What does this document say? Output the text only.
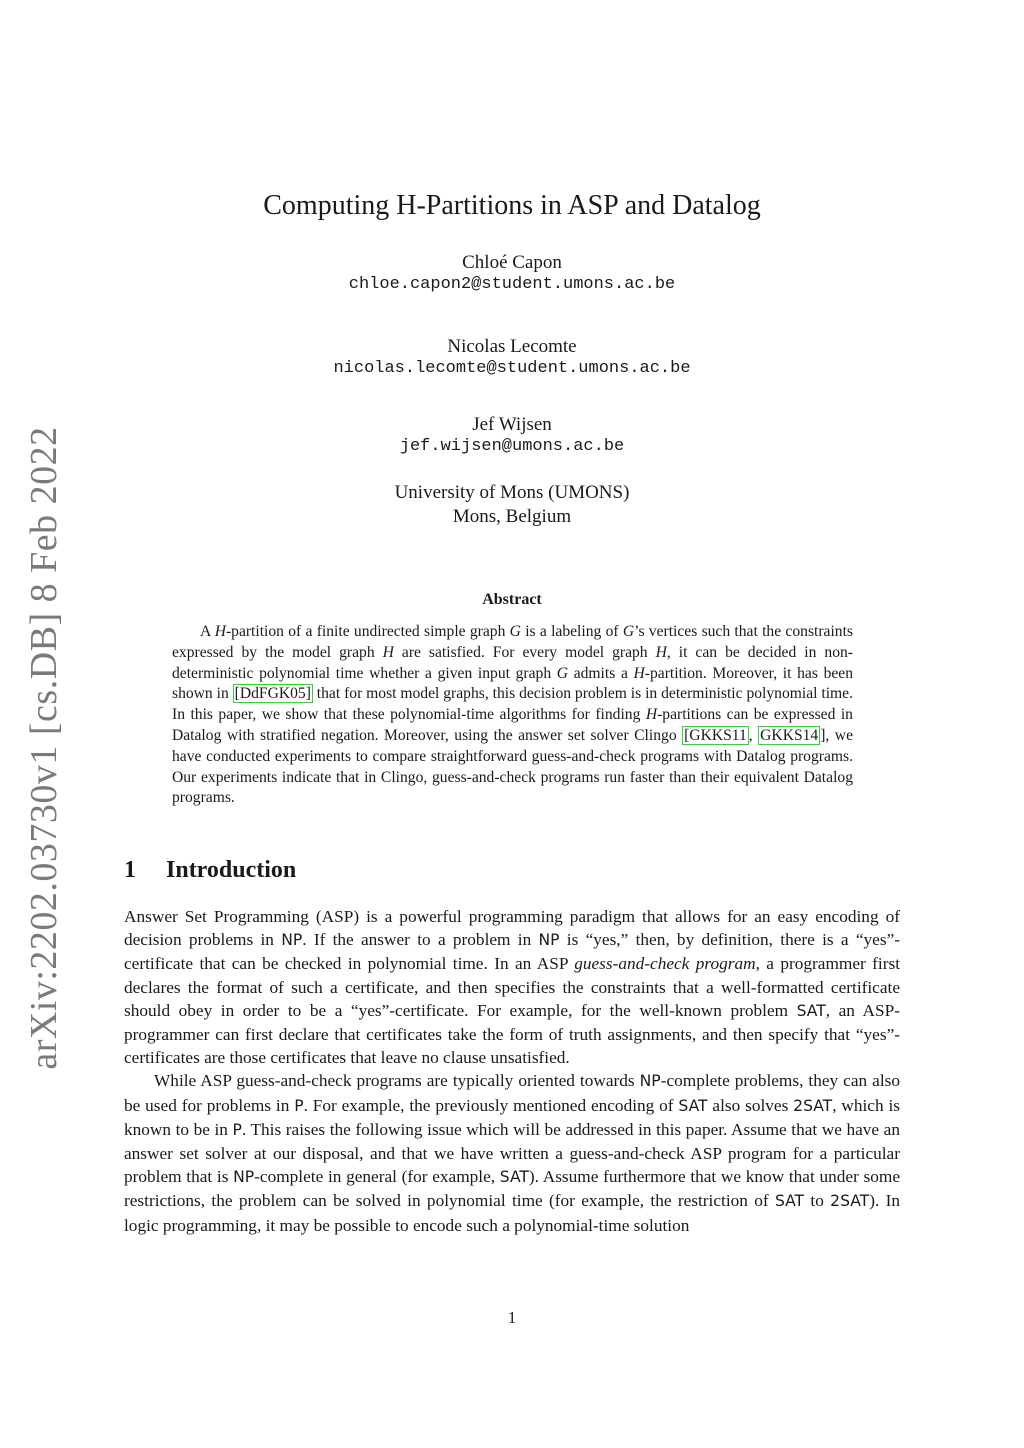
arXiv:2202.03730v1 [cs.DB] 8 Feb 2022
Computing H-Partitions in ASP and Datalog
Chloé Capon
chloe.capon2@student.umons.ac.be
Nicolas Lecomte
nicolas.lecomte@student.umons.ac.be
Jef Wijsen
jef.wijsen@umons.ac.be
University of Mons (UMONS)
Mons, Belgium
Abstract

A H-partition of a finite undirected simple graph G is a labeling of G’s vertices such that the constraints expressed by the model graph H are satisfied. For every model graph H, it can be decided in non-deterministic polynomial time whether a given input graph G admits a H-partition. Moreover, it has been shown in [DdFGK05] that for most model graphs, this decision problem is in deterministic polynomial time. In this paper, we show that these polynomial-time algorithms for finding H-partitions can be expressed in Datalog with stratified negation. Moreover, using the answer set solver Clingo [GKKS11 , GKKS14 ], we have conducted experiments to compare straightforward guess-and-check programs with Datalog programs. Our experiments indicate that in Clingo, guess-and-check programs run faster than their equivalent Datalog programs.

1 Introduction

Answer Set Programming (ASP) is a powerful programming paradigm that allows for an easy encoding of decision problems in NP. If the answer to a problem in NP is “yes,” then, by definition, there is a “yes”-certificate that can be checked in polynomial time. In an ASP guess-and-check program, a programmer first declares the format of such a certificate, and then specifies the constraints that a well-formatted certificate should obey in order to be a “yes”-certificate. For example, for the well-known problem SAT, an ASP-programmer can first declare that certificates take the form of truth assignments, and then specify that “yes”-certificates are those certificates that leave no clause unsatisfied.

While ASP guess-and-check programs are typically oriented towards NP-complete problems, they can also be used for problems in P. For example, the previously mentioned encoding of SAT also solves 2SAT, which is known to be in P. This raises the following issue which will be addressed in this paper. Assume that we have an answer set solver at our disposal, and that we have written a guess-and-check ASP program for a particular problem that is NP-complete in general (for example, SAT). Assume furthermore that we know that under some restrictions, the problem can be solved in polynomial time (for example, the restriction of SAT to 2SAT). In logic programming, it may be possible to encode such a polynomial-time solution

1
